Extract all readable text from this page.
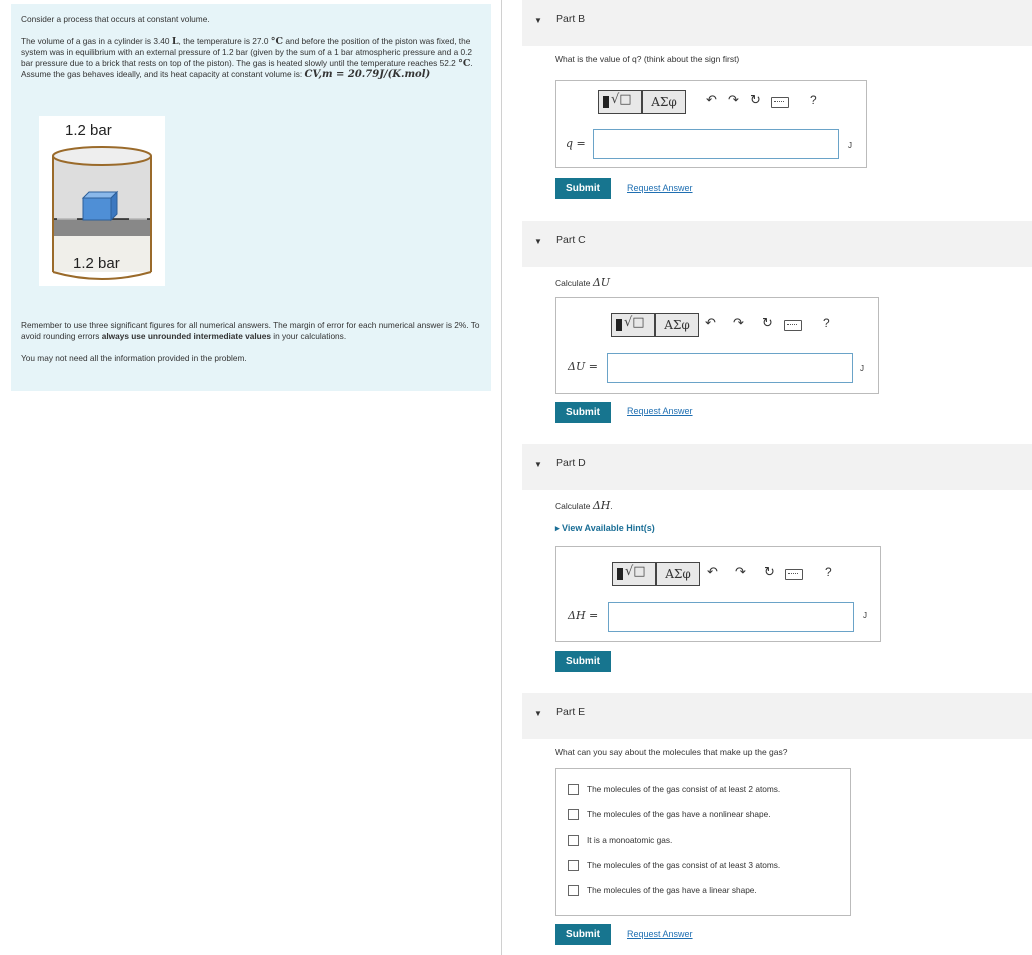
Consider a process that occurs at constant volume.

The volume of a gas in a cylinder is 3.40 L, the temperature is 27.0 °C and before the position of the piston was fixed, the system was in equilibrium with an external pressure of 1.2 bar (given by the sum of a 1 bar atmospheric pressure and a 0.2 bar pressure due to a brick that rests on top of the piston). The gas is heated slowly until the temperature reaches 52.2 °C. Assume the gas behaves ideally, and its heat capacity at constant volume is: CV,m = 20.79J/(K.mol)

1.2 bar
1.2 bar

Remember to use three significant figures for all numerical answers. The margin of error for each numerical answer is 2%. To avoid rounding errors always use unrounded intermediate values in your calculations.

You may not need all the information provided in the problem.

▼ Part B
What is the value of q? (think about the sign first)
√□	ΑΣφ	↶ ↷ ↻	?
q =	J
Submit	Request Answer
▼ Part C
Calculate ΔU
√□	ΑΣφ	↶ ↷ ↻	?
ΔU =	J
Submit	Request Answer
▼ Part D
Calculate ΔH.
▸ View Available Hint(s)
√□	ΑΣφ	↶ ↷ ↻	?
ΔH =	J
Submit
▼ Part E
What can you say about the molecules that make up the gas?
The molecules of the gas consist of at least 2 atoms.
The molecules of the gas have a nonlinear shape.
It is a monoatomic gas.
The molecules of the gas consist of at least 3 atoms.
The molecules of the gas have a linear shape.
Submit	Request Answer
